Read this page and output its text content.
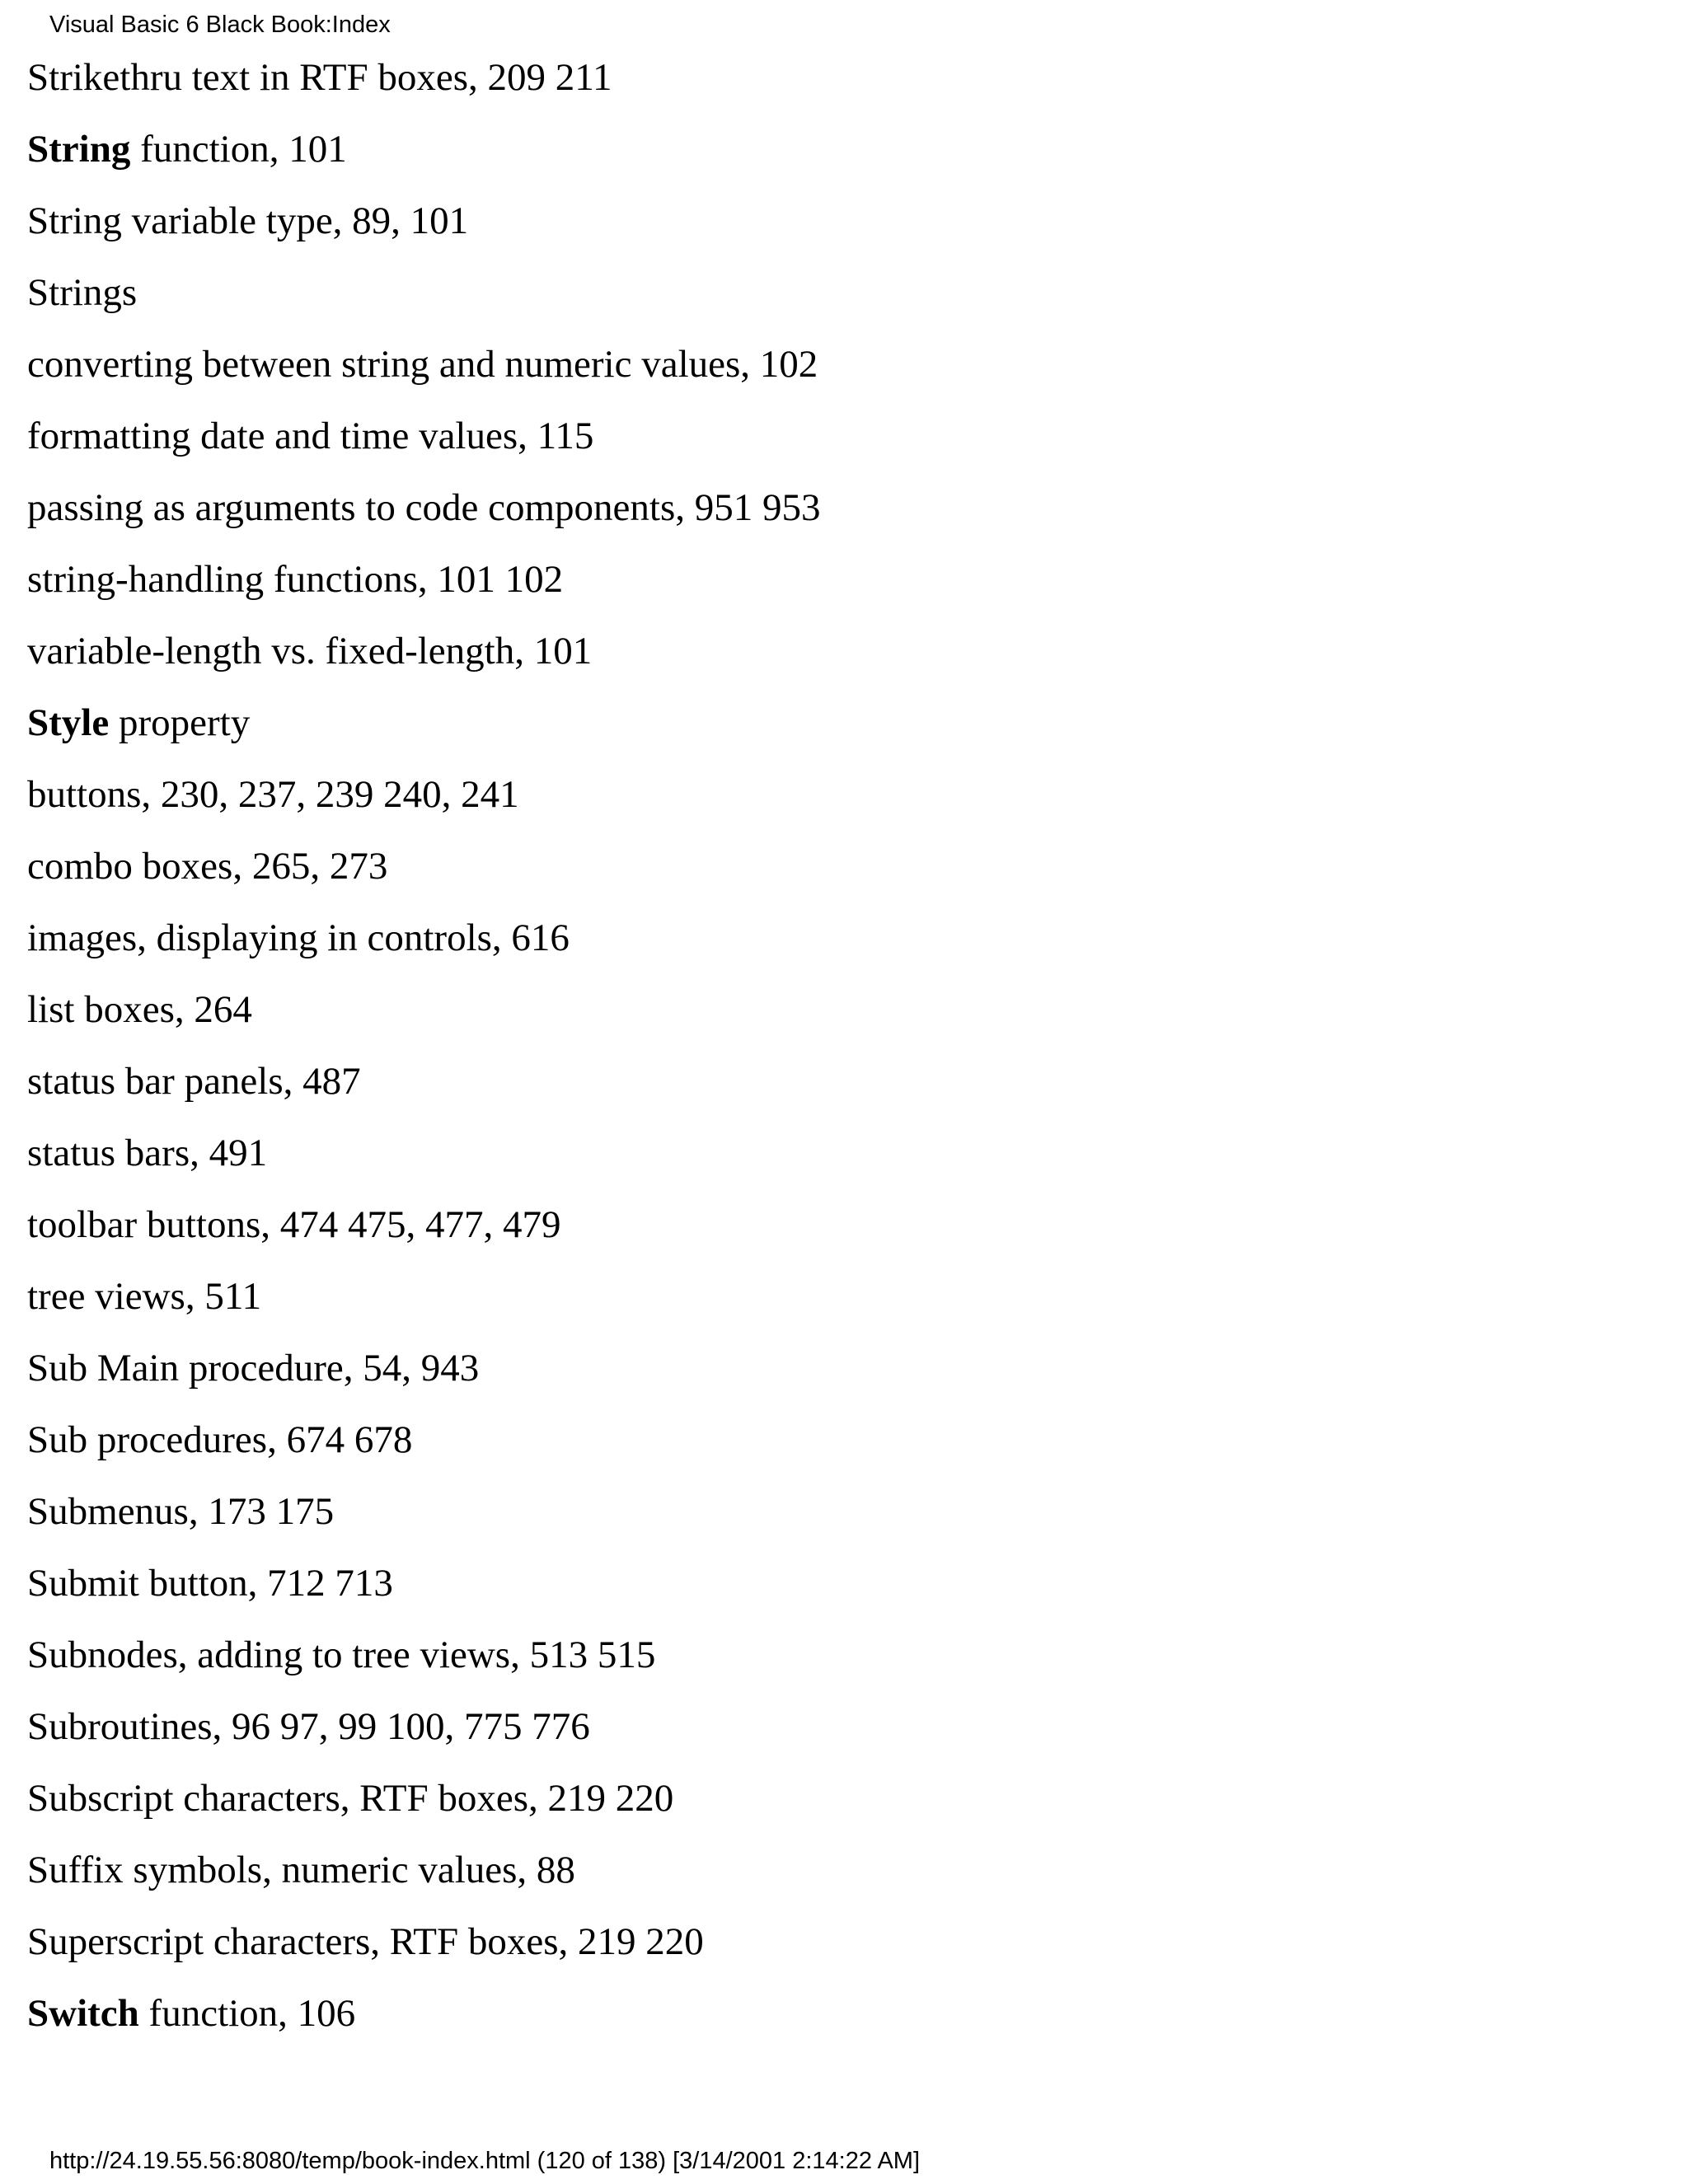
Visual Basic 6 Black Book:Index
Strikethru text in RTF boxes, 209 211
String function, 101
String variable type, 89, 101
Strings
converting between string and numeric values, 102
formatting date and time values, 115
passing as arguments to code components, 951 953
string-handling functions, 101 102
variable-length vs. fixed-length, 101
Style property
buttons, 230, 237, 239 240, 241
combo boxes, 265, 273
images, displaying in controls, 616
list boxes, 264
status bar panels, 487
status bars, 491
toolbar buttons, 474 475, 477, 479
tree views, 511
Sub Main procedure, 54, 943
Sub procedures, 674 678
Submenus, 173 175
Submit button, 712 713
Subnodes, adding to tree views, 513 515
Subroutines, 96 97, 99 100, 775 776
Subscript characters, RTF boxes, 219 220
Suffix symbols, numeric values, 88
Superscript characters, RTF boxes, 219 220
Switch function, 106
http://24.19.55.56:8080/temp/book-index.html (120 of 138) [3/14/2001 2:14:22 AM]
